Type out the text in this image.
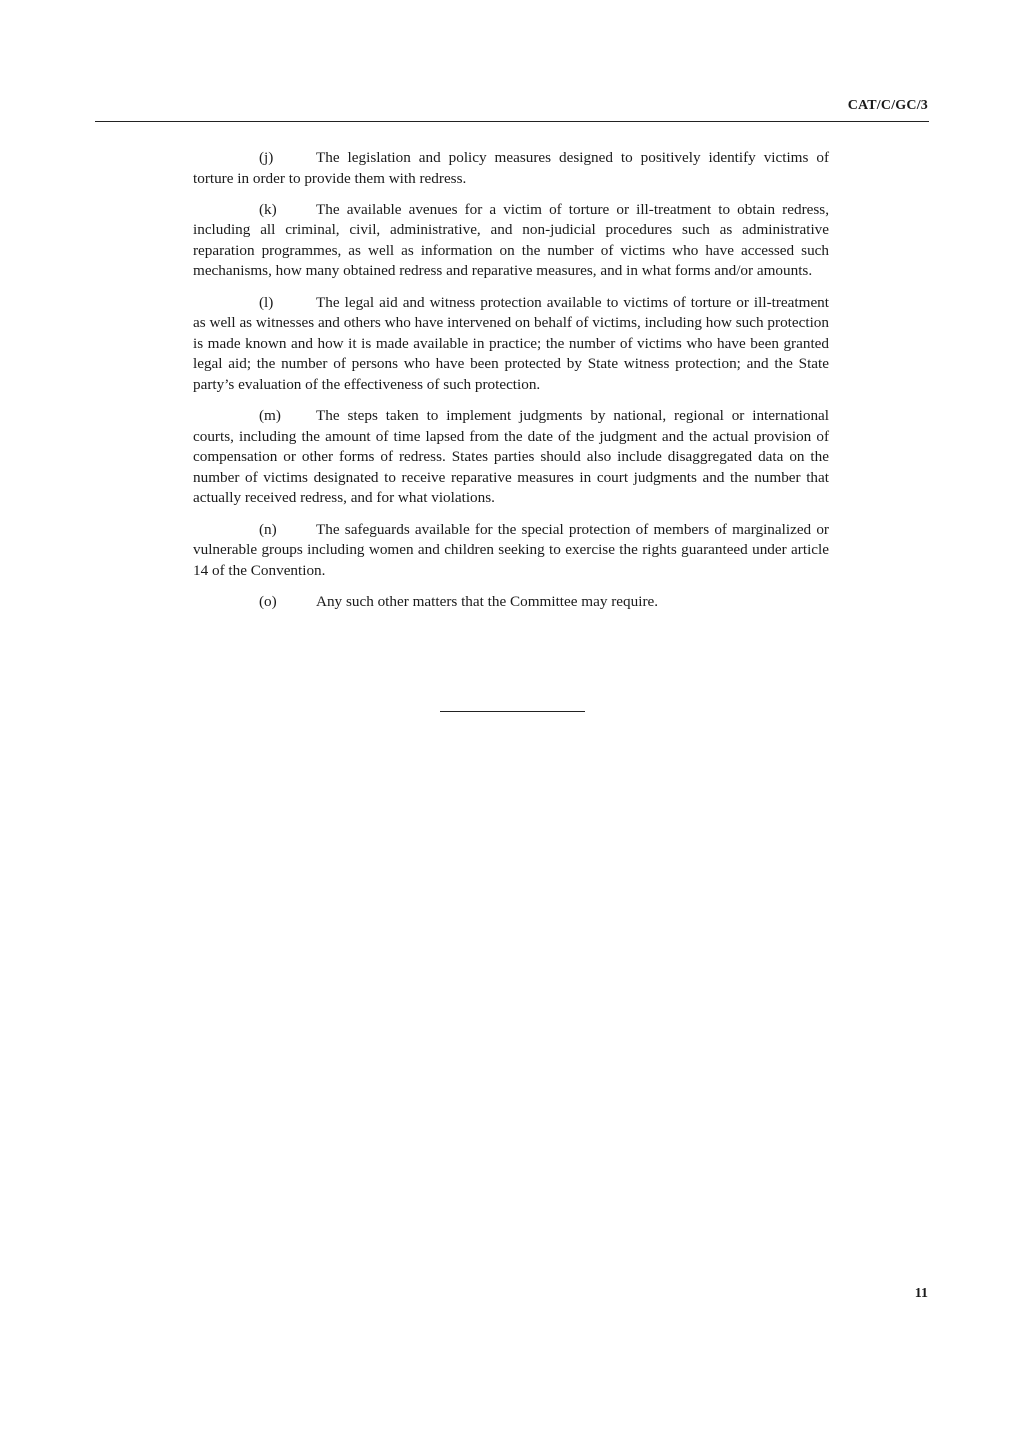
CAT/C/GC/3

(j)	The legislation and policy measures designed to positively identify victims of torture in order to provide them with redress.

(k)	The available avenues for a victim of torture or ill-treatment to obtain redress, including all criminal, civil, administrative, and non-judicial procedures such as administrative reparation programmes, as well as information on the number of victims who have accessed such mechanisms, how many obtained redress and reparative measures, and in what forms and/or amounts.

(l)	The legal aid and witness protection available to victims of torture or ill-treatment as well as witnesses and others who have intervened on behalf of victims, including how such protection is made known and how it is made available in practice; the number of victims who have been granted legal aid; the number of persons who have been protected by State witness protection; and the State party’s evaluation of the effectiveness of such protection.

(m) The steps taken to implement judgments by national, regional or international courts, including the amount of time lapsed from the date of the judgment and the actual provision of compensation or other forms of redress. States parties should also include disaggregated data on the number of victims designated to receive reparative measures in court judgments and the number that actually received redress, and for what violations.

(n)	The safeguards available for the special protection of members of marginalized or vulnerable groups including women and children seeking to exercise the rights guaranteed under article 14 of the Convention.

(o)	Any such other matters that the Committee may require.

11
